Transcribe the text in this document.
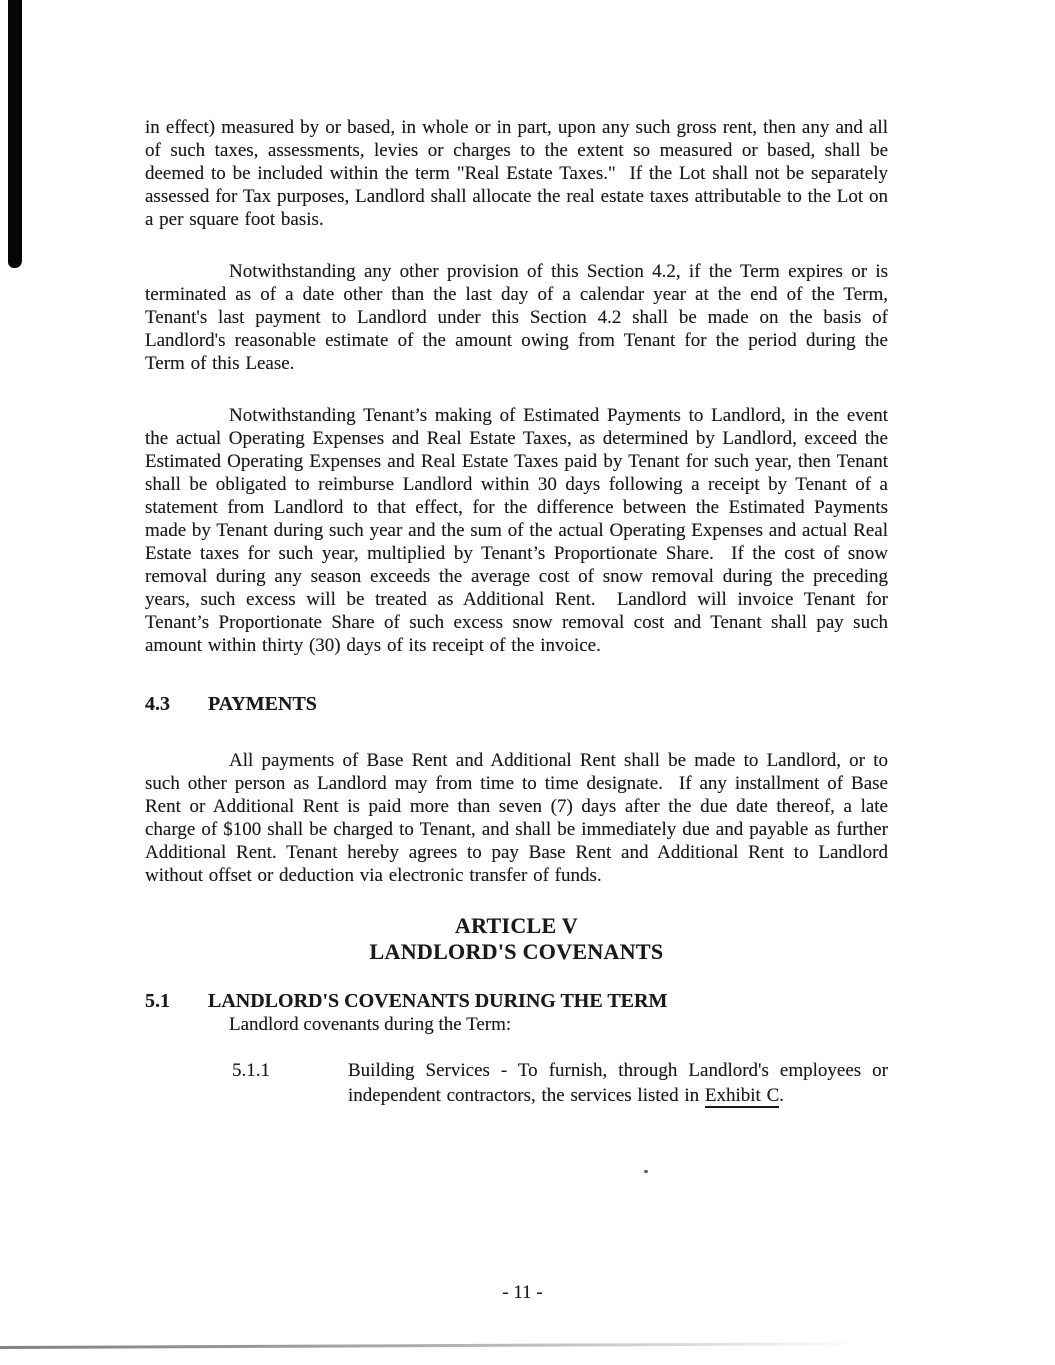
in effect) measured by or based, in whole or in part, upon any such gross rent, then any and all of such taxes, assessments, levies or charges to the extent so measured or based, shall be deemed to be included within the term "Real Estate Taxes."  If the Lot shall not be separately assessed for Tax purposes, Landlord shall allocate the real estate taxes attributable to the Lot on a per square foot basis.

Notwithstanding any other provision of this Section 4.2, if the Term expires or is terminated as of a date other than the last day of a calendar year at the end of the Term, Tenant's last payment to Landlord under this Section 4.2 shall be made on the basis of Landlord's reasonable estimate of the amount owing from Tenant for the period during the Term of this Lease.

Notwithstanding Tenant’s making of Estimated Payments to Landlord, in the event the actual Operating Expenses and Real Estate Taxes, as determined by Landlord, exceed the Estimated Operating Expenses and Real Estate Taxes paid by Tenant for such year, then Tenant shall be obligated to reimburse Landlord within 30 days following a receipt by Tenant of a statement from Landlord to that effect, for the difference between the Estimated Payments made by Tenant during such year and the sum of the actual Operating Expenses and actual Real Estate taxes for such year, multiplied by Tenant’s Proportionate Share.  If the cost of snow removal during any season exceeds the average cost of snow removal during the preceding years, such excess will be treated as Additional Rent.  Landlord will invoice Tenant for Tenant’s Proportionate Share of such excess snow removal cost and Tenant shall pay such amount within thirty (30) days of its receipt of the invoice.

4.3 PAYMENTS

All payments of Base Rent and Additional Rent shall be made to Landlord, or to such other person as Landlord may from time to time designate.  If any installment of Base Rent or Additional Rent is paid more than seven (7) days after the due date thereof, a late charge of $100 shall be charged to Tenant, and shall be immediately due and payable as further Additional Rent. Tenant hereby agrees to pay Base Rent and Additional Rent to Landlord without offset or deduction via electronic transfer of funds.

ARTICLE V
LANDLORD'S COVENANTS
5.1 LANDLORD'S COVENANTS DURING THE TERM

Landlord covenants during the Term:

5.1.1	Building Services - To furnish, through Landlord's employees or independent contractors, the services listed in Exhibit C.
- 11 -
